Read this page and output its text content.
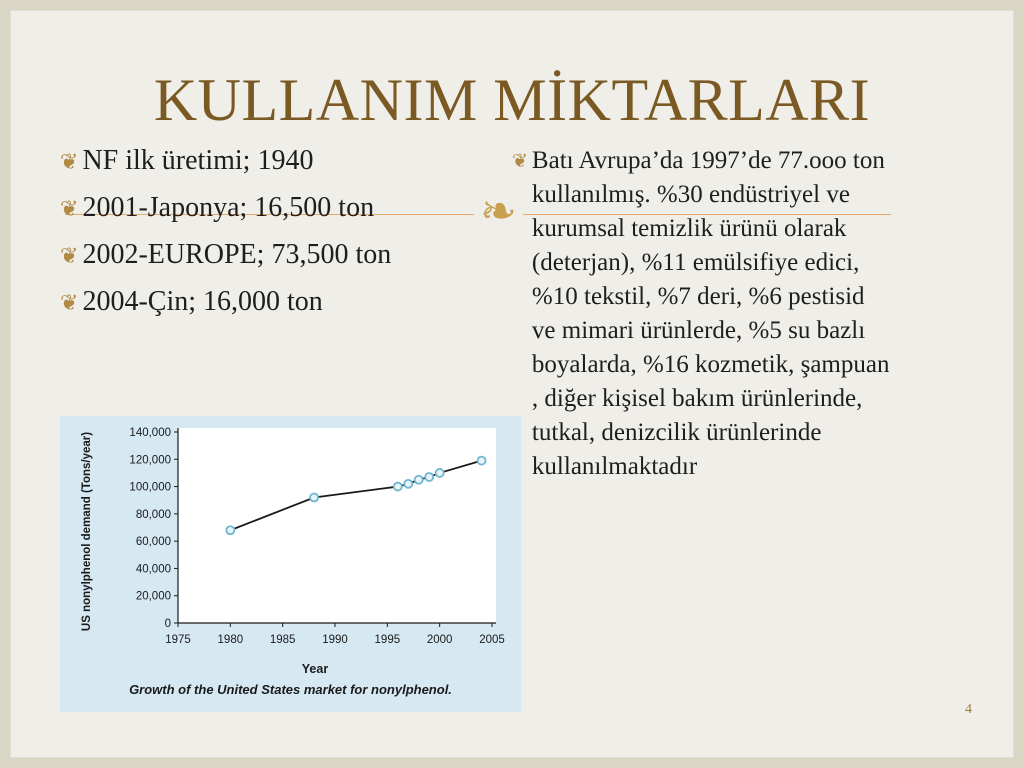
KULLANIM MİKTARLARI
❧
❦ NF ilk üretimi; 1940
❦ 2001-Japonya; 16,500 ton
❦ 2002-EUROPE; 73,500 ton
❦ 2004-Çin; 16,000 ton
❦ Batı Avrupa’da 1997’de 77.ooo ton kullanılmış. %30 endüstriyel ve kurumsal temizlik ürünü olarak (deterjan), %11 emülsifiye edici, %10 tekstil, %7 deri, %6 pestisid ve mimari ürünlerde, %5 su bazlı boyalarda, %16 kozmetik, şampuan , diğer kişisel bakım ürünlerinde, tutkal, denizcilik ürünlerinde kullanılmaktadır
0
20,000
40,000
60,000
80,000
100,000
120,000
140,000
1975 1980 1985 1990 1995 2000 2005
Year
US nonylphenol demand (Tons/year)
Growth of the United States market for nonylphenol.
4
